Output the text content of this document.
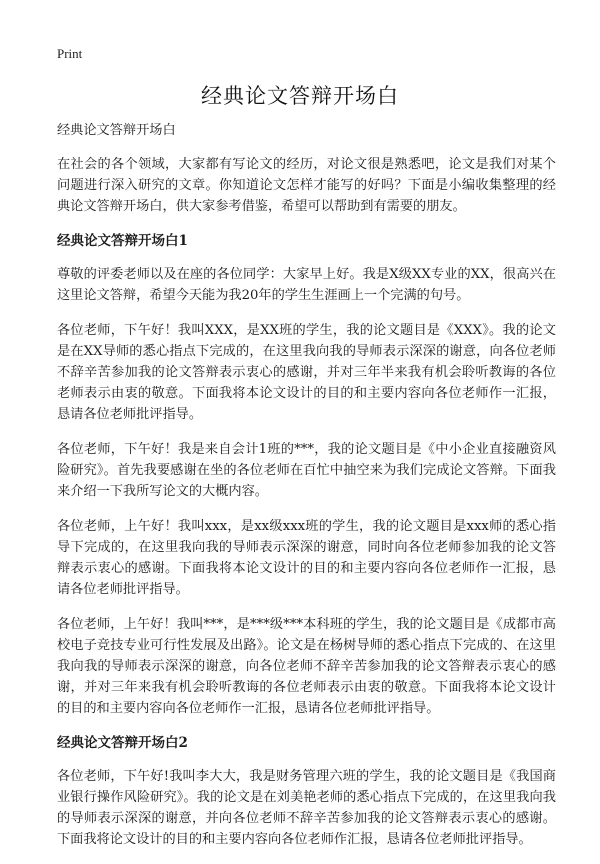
Print
经典论文答辩开场白

经典论文答辩开场白

在社会的各个领域，大家都有写论文的经历，对论文很是熟悉吧，论文是我们对某个问题进行深入研究的文章。你知道论文怎样才能写的好吗？下面是小编收集整理的经典论文答辩开场白，供大家参考借鉴，希望可以帮助到有需要的朋友。

经典论文答辩开场白1

尊敬的评委老师以及在座的各位同学：大家早上好。我是X级XX专业的XX，很高兴在这里论文答辩，希望今天能为我20年的学生生涯画上一个完满的句号。

各位老师，下午好！我叫XXX，是XX班的学生，我的论文题目是《XXX》。我的论文是在XX导师的悉心指点下完成的，在这里我向我的导师表示深深的谢意，向各位老师不辞辛苦参加我的论文答辩表示衷心的感谢，并对三年半来我有机会聆听教诲的各位老师表示由衷的敬意。下面我将本论文设计的目的和主要内容向各位老师作一汇报，恳请各位老师批评指导。

各位老师，下午好！我是来自会计1班的***，我的论文题目是《中小企业直接融资风险研究》。首先我要感谢在坐的各位老师在百忙中抽空来为我们完成论文答辩。下面我来介绍一下我所写论文的大概内容。

各位老师，上午好！我叫xxx，是xx级xxx班的学生，我的论文题目是xxx师的悉心指导下完成的，在这里我向我的导师表示深深的谢意，同时向各位老师参加我的论文答辩表示衷心的感谢。下面我将本论文设计的目的和主要内容向各位老师作一汇报，恳请各位老师批评指导。

各位老师，上午好！我叫***，是***级***本科班的学生，我的论文题目是《成都市高校电子竞技专业可行性发展及出路》。论文是在杨树导师的悉心指点下完成的、在这里我向我的导师表示深深的谢意，向各位老师不辞辛苦参加我的论文答辩表示衷心的感谢，并对三年来我有机会聆听教诲的各位老师表示由衷的敬意。下面我将本论文设计的目的和主要内容向各位老师作一汇报，恳请各位老师批评指导。

经典论文答辩开场白2

各位老师，下午好!我叫李大大，我是财务管理六班的学生，我的论文题目是《我国商业银行操作风险研究》。我的论文是在刘美艳老师的悉心指点下完成的，在这里我向我的导师表示深深的谢意，并向各位老师不辞辛苦参加我的论文答辩表示衷心的感谢。下面我将论文设计的目的和主要内容向各位老师作汇报，恳请各位老师批评指导。
